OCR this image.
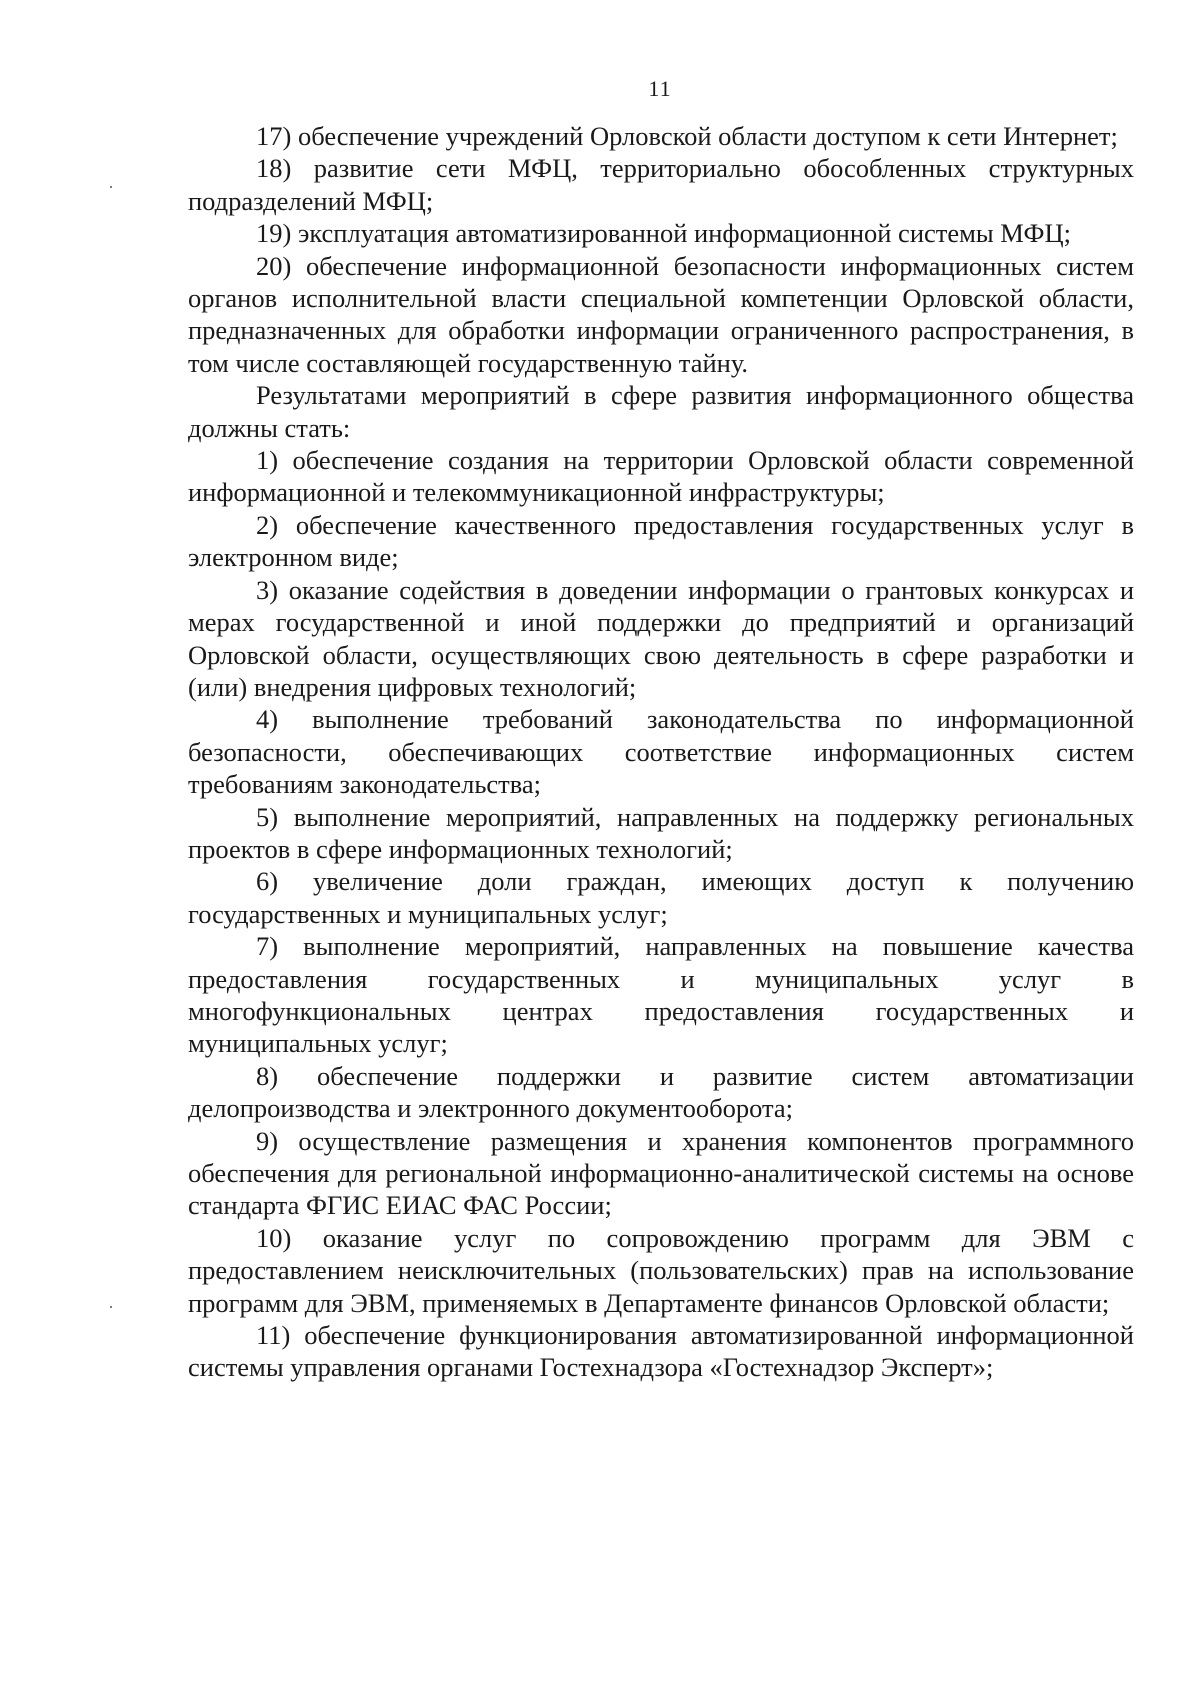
11

17) обеспечение учреждений Орловской области доступом к сети Интернет;

18) развитие сети МФЦ, территориально обособленных структурных подразделений МФЦ;

19) эксплуатация автоматизированной информационной системы МФЦ;

20) обеспечение информационной безопасности информационных систем органов исполнительной власти специальной компетенции Орловской области, предназначенных для обработки информации ограниченного распространения, в том числе составляющей государственную тайну.

Результатами мероприятий в сфере развития информационного общества должны стать:

1) обеспечение создания на территории Орловской области современной информационной и телекоммуникационной инфраструктуры;

2) обеспечение качественного предоставления государственных услуг в электронном виде;

3) оказание содействия в доведении информации о грантовых конкурсах и мерах государственной и иной поддержки до предприятий и организаций Орловской области, осуществляющих свою деятельность в сфере разработки и (или) внедрения цифровых технологий;

4) выполнение требований законодательства по информационной безопасности, обеспечивающих соответствие информационных систем требованиям законодательства;

5) выполнение мероприятий, направленных на поддержку региональных проектов в сфере информационных технологий;

6) увеличение доли граждан, имеющих доступ к получению государственных и муниципальных услуг;

7) выполнение мероприятий, направленных на повышение качества предоставления государственных и муниципальных услуг в многофункциональных центрах предоставления государственных и муниципальных услуг;

8) обеспечение поддержки и развитие систем автоматизации делопроизводства и электронного документооборота;

9) осуществление размещения и хранения компонентов программного обеспечения для региональной информационно-аналитической системы на основе стандарта ФГИС ЕИАС ФАС России;

10) оказание услуг по сопровождению программ для ЭВМ с предоставлением неисключительных (пользовательских) прав на использование программ для ЭВМ, применяемых в Департаменте финансов Орловской области;

11) обеспечение функционирования автоматизированной информационной системы управления органами Гостехнадзора «Гостехнадзор Эксперт»;
